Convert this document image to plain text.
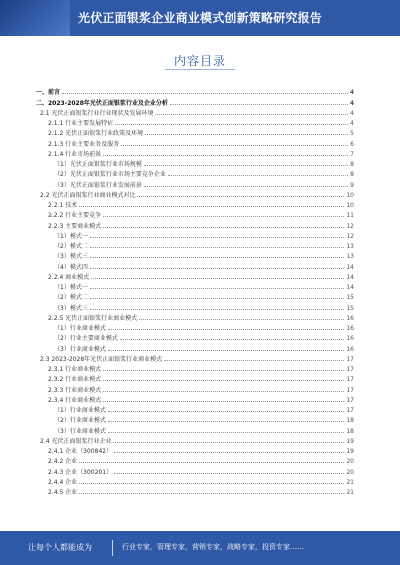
光伏正面银浆企业商业模式创新策略研究报告
内容目录
一、前言	4
二、2023-2028年光伏正面银浆行业及企业分析	4
2.1 光伏正面银浆行业行业现状及发展环境	4
2.1.1 行业主要发展特征	4
2.1.2 光伏正面银浆行业政策及环境	5
2.1.3 行业主要业务及服务	6
2.1.4 行业市场前景	7
（1）光伏正面银浆行业市场规模	8
（2）光伏正面银浆行业市场主要竞争企业	8
（3）光伏正面银浆行业发展前景	9
2.2 光伏正面银浆行业商业模式对比	10
2.2.1 技术	10
2.2.2 行业主要竞争	11
2.2.3 主要商业模式	12
（1）模式一	12
（2）模式二	13
（3）模式三	13
（4）模式四	14
2.2.4 商业模式	14
（1）模式一	14
（2）模式二	15
（3）模式三	15
2.2.5 光伏正面银浆行业商业模式	16
（1）行业商业模式	16
（2）行业主要商业模式	16
（3）行业商业模式	16
2.3 2023-2028年光伏正面银浆行业商业模式	17
2.3.1 行业商业模式	17
2.3.2 行业商业模式	17
2.3.3 行业商业模式	17
2.3.4 行业商业模式	17
（1）行业商业模式	17
（2）行业商业模式	18
（3）行业商业模式	18
2.4 光伏正面银浆行业企业	19
2.4.1 企业（300842）	19
2.4.2 企业	20
2.4.3 企业（300201）	20
2.4.4 企业	21
2.4.5 企业	21
让每个人都能成为	行业专家，管理专家，营销专家，战略专家，投资专家……
